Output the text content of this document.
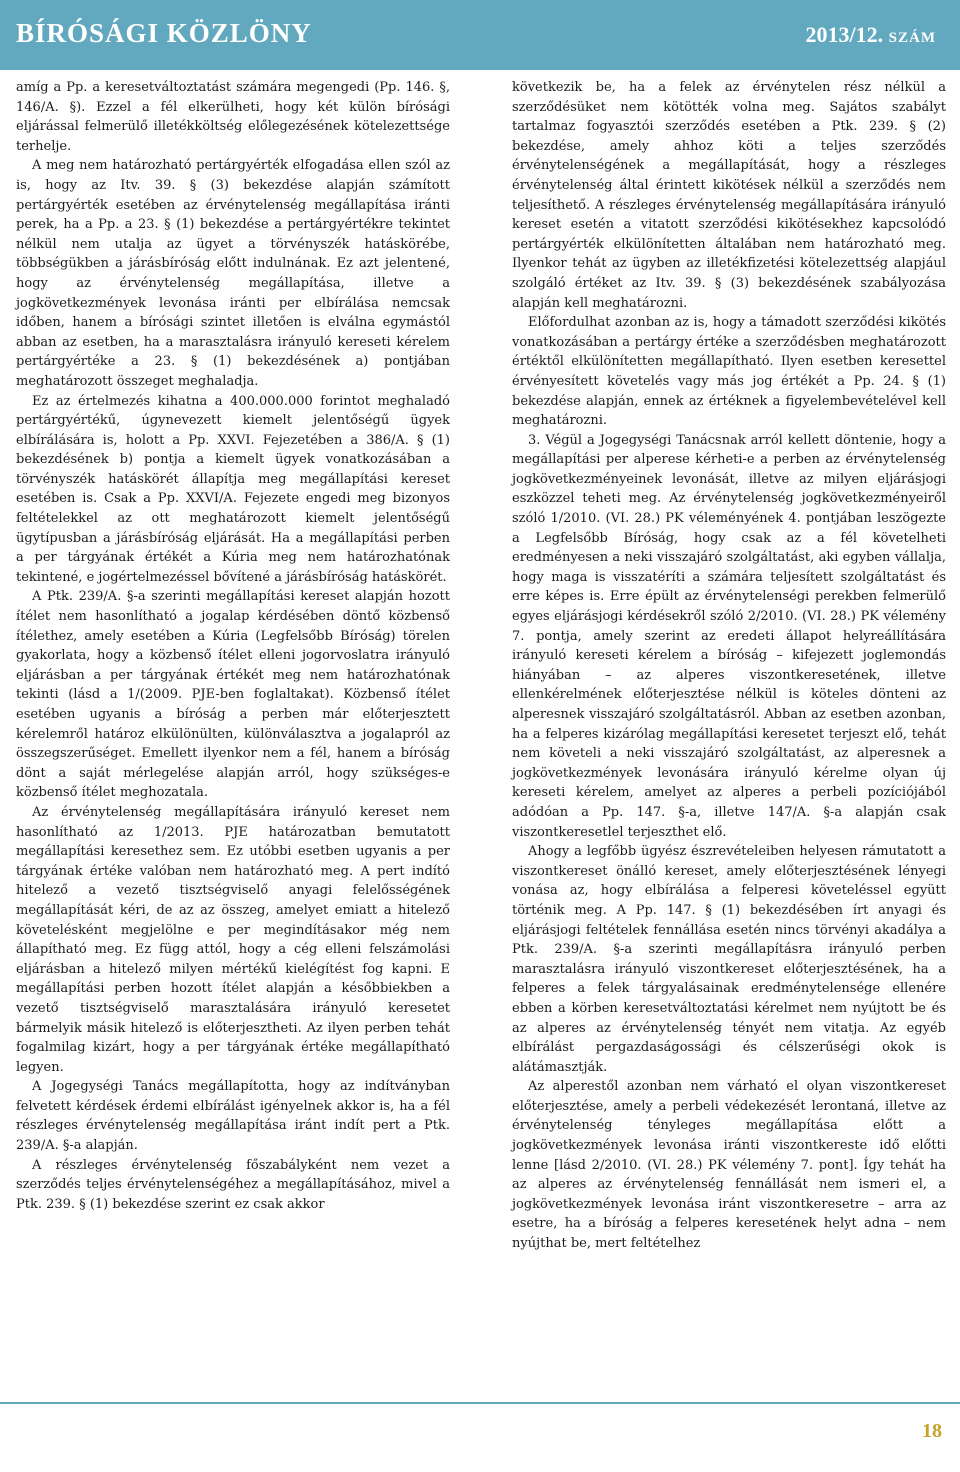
BÍRÓSÁGI KÖZLÖNY	2013/12. SZÁM

amíg a Pp. a keresetváltoztatást számára megengedi (Pp. 146. §, 146/A. §). Ezzel a fél elkerülheti, hogy két külön bírósági eljárással felmerülő illetékköltség előlegezésének kötelezettsége terhelje.

A meg nem határozható pertárgyérték elfogadása ellen szól az is, hogy az Itv. 39. § (3) bekezdése alapján számított pertárgyérték esetében az érvénytelenség megállapítása iránti perek, ha a Pp. a 23. § (1) bekezdése a pertárgyértékre tekintet nélkül nem utalja az ügyet a törvényszék hatáskörébe, többségükben a járásbíróság előtt indulnának. Ez azt jelentené, hogy az érvénytelenség megállapítása, illetve a jogkövetkezmények levonása iránti per elbírálása nemcsak időben, hanem a bírósági szintet illetően is elválna egymástól abban az esetben, ha a marasztalásra irányuló kereseti kérelem pertárgyértéke a 23. § (1) bekezdésének a) pontjában meghatározott összeget meghaladja.

Ez az értelmezés kihatna a 400.000.000 forintot meghaladó pertárgyértékű, úgynevezett kiemelt jelentőségű ügyek elbírálására is, holott a Pp. XXVI. Fejezetében a 386/A. § (1) bekezdésének b) pontja a kiemelt ügyek vonatkozásában a törvényszék hatáskörét állapítja meg megállapítási kereset esetében is. Csak a Pp. XXVI/A. Fejezete engedi meg bizonyos feltételekkel az ott meghatározott kiemelt jelentőségű ügytípusban a járásbíróság eljárását. Ha a megállapítási perben a per tárgyának értékét a Kúria meg nem határozhatónak tekintené, e jogértelmezéssel bővítené a járásbíróság hatáskörét.

A Ptk. 239/A. §-a szerinti megállapítási kereset alapján hozott ítélet nem hasonlítható a jogalap kérdésében döntő közbenső ítélethez, amely esetében a Kúria (Legfelsőbb Bíróság) törelen gyakorlata, hogy a közbenső ítélet elleni jogorvoslatra irányuló eljárásban a per tárgyának értékét meg nem határozhatónak tekinti (lásd a 1/(2009. PJE-ben foglaltakat). Közbenső ítélet esetében ugyanis a bíróság a perben már előterjesztett kérelemről határoz elkülönülten, különválasztva a jogalapról az összegszerűséget. Emellett ilyenkor nem a fél, hanem a bíróság dönt a saját mérlegelése alapján arról, hogy szükséges-e közbenső ítélet meghozatala.

Az érvénytelenség megállapítására irányuló kereset nem hasonlítható az 1/2013. PJE határozatban bemutatott megállapítási keresethez sem. Ez utóbbi esetben ugyanis a per tárgyának értéke valóban nem határozható meg. A pert indító hitelező a vezető tisztségviselő anyagi felelősségének megállapítását kéri, de az az összeg, amelyet emiatt a hitelező követelésként megjelölne e per megindításakor még nem állapítható meg. Ez függ attól, hogy a cég elleni felszámolási eljárásban a hitelező milyen mértékű kielégítést fog kapni. E megállapítási perben hozott ítélet alapján a későbbiekben a vezető tisztségviselő marasztalására irányuló keresetet bármelyik másik hitelező is előterjesztheti. Az ilyen perben tehát fogalmilag kizárt, hogy a per tárgyának értéke megállapítható legyen.

A Jogegységi Tanács megállapította, hogy az indítványban felvetett kérdések érdemi elbírálást igényelnek akkor is, ha a fél részleges érvénytelenség megállapítása iránt indít pert a Ptk. 239/A. §-a alapján.

A részleges érvénytelenség főszabályként nem vezet a szerződés teljes érvénytelenségéhez a megállapításához, mivel a Ptk. 239. § (1) bekezdése szerint ez csak akkor

következik be, ha a felek az érvénytelen rész nélkül a szerződésüket nem kötötték volna meg. Sajátos szabályt tartalmaz fogyasztói szerződés esetében a Ptk. 239. § (2) bekezdése, amely ahhoz köti a teljes szerződés érvénytelenségének a megállapítását, hogy a részleges érvénytelenség által érintett kikötések nélkül a szerződés nem teljesíthető. A részleges érvénytelenség megállapítására irányuló kereset esetén a vitatott szerződési kikötésekhez kapcsolódó pertárgyérték elkülönítetten általában nem határozható meg. Ilyenkor tehát az ügyben az illetékfizetési kötelezettség alapjául szolgáló értéket az Itv. 39. § (3) bekezdésének szabályozása alapján kell meghatározni.

Előfordulhat azonban az is, hogy a támadott szerződési kikötés vonatkozásában a pertárgy értéke a szerződésben meghatározott értéktől elkülönítetten megállapítható. Ilyen esetben keresettel érvényesített követelés vagy más jog értékét a Pp. 24. § (1) bekezdése alapján, ennek az értéknek a figyelembevételével kell meghatározni.

3. Végül a Jogegységi Tanácsnak arról kellett döntenie, hogy a megállapítási per alperese kérheti-e a perben az érvénytelenség jogkövetkezményeinek levonását, illetve az milyen eljárásjogi eszközzel teheti meg. Az érvénytelenség jogkövetkezményeiről szóló 1/2010. (VI. 28.) PK véleményének 4. pontjában leszögezte a Legfelsőbb Bíróság, hogy csak az a fél követelheti eredményesen a neki visszajáró szolgáltatást, aki egyben vállalja, hogy maga is visszatéríti a számára teljesített szolgáltatást és erre képes is. Erre épült az érvénytelenségi perekben felmerülő egyes eljárásjogi kérdésekről szóló 2/2010. (VI. 28.) PK vélemény 7. pontja, amely szerint az eredeti állapot helyreállítására irányuló kereseti kérelem a bíróság – kifejezett joglemondás hiányában – az alperes viszontkeresetének, illetve ellenkérelmének előterjesztése nélkül is köteles dönteni az alperesnek visszajáró szolgáltatásról. Abban az esetben azonban, ha a felperes kizárólag megállapítási keresetet terjeszt elő, tehát nem követeli a neki visszajáró szolgáltatást, az alperesnek a jogkövetkezmények levonására irányuló kérelme olyan új kereseti kérelem, amelyet az alperes a perbeli pozíciójából adódóan a Pp. 147. §-a, illetve 147/A. §-a alapján csak viszontkeresetlel terjeszthet elő.

Ahogy a legfőbb ügyész észrevételeiben helyesen rámutatott a viszontkereset önálló kereset, amely előterjesztésének lényegi vonása az, hogy elbírálása a felperesi követeléssel együtt történik meg. A Pp. 147. § (1) bekezdésében írt anyagi és eljárásjogi feltételek fennállása esetén nincs törvényi akadálya a Ptk. 239/A. §-a szerinti megállapításra irányuló perben marasztalásra irányuló viszontkereset előterjesztésének, ha a felperes a felek tárgyalásainak eredménytelensége ellenére ebben a körben keresetváltoztatási kérelmet nem nyújtott be és az alperes az érvénytelenség tényét nem vitatja. Az egyéb elbírálást pergazdaságossági és célszerűségi okok is alátámasztják.

Az alperestől azonban nem várható el olyan viszontkereset előterjesztése, amely a perbeli védekezését lerontaná, illetve az érvénytelenség tényleges megállapítása előtt a jogkövetkezmények levonása iránti viszontkereste idő előtti lenne [lásd 2/2010. (VI. 28.) PK vélemény 7. pont]. Így tehát ha az alperes az érvénytelenség fennállását nem ismeri el, a jogkövetkezmények levonása iránt viszontkeresetre – arra az esetre, ha a bíróság a felperes keresetének helyt adna – nem nyújthat be, mert feltételhez

18
